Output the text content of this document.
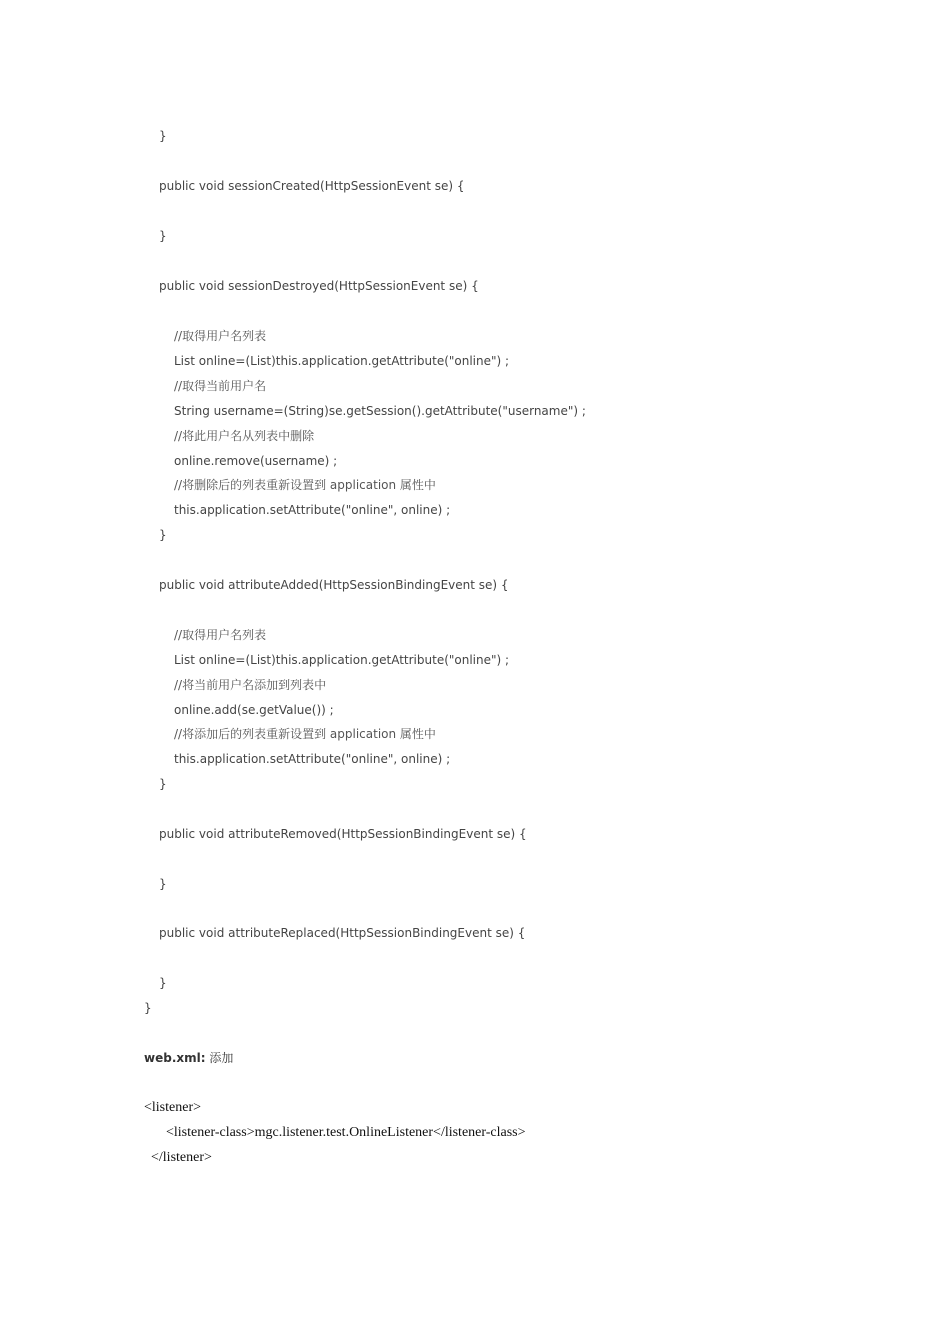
}
public void sessionCreated(HttpSessionEvent se) {
}
public void sessionDestroyed(HttpSessionEvent se) {
//取得用户名列表
List online=(List)this.application.getAttribute("online") ;
//取得当前用户名
String username=(String)se.getSession().getAttribute("username") ;
//将此用户名从列表中删除
online.remove(username) ;
//将删除后的列表重新设置到 application 属性中
this.application.setAttribute("online", online) ;
}
public void attributeAdded(HttpSessionBindingEvent se) {
//取得用户名列表
List online=(List)this.application.getAttribute("online") ;
//将当前用户名添加到列表中
online.add(se.getValue()) ;
//将添加后的列表重新设置到 application 属性中
this.application.setAttribute("online", online) ;
}
public void attributeRemoved(HttpSessionBindingEvent se) {
}
public void attributeReplaced(HttpSessionBindingEvent se) {
}
}
web.xml: 添加
<listener>
<listener-class>mgc.listener.test.OnlineListener</listener-class>
</listener>
